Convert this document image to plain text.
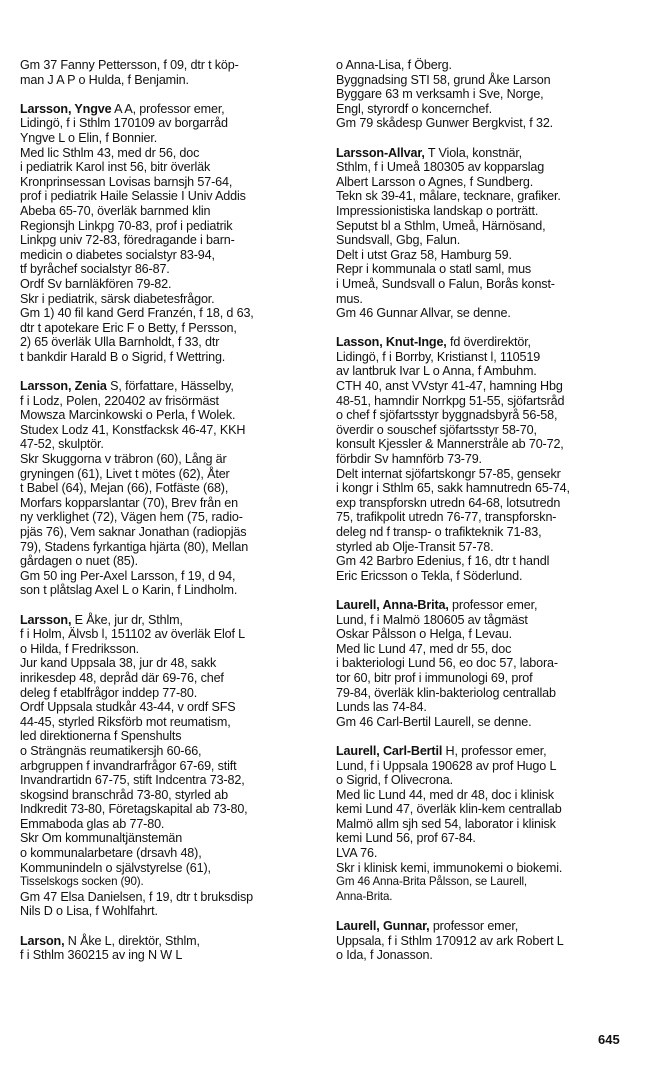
Gm 37 Fanny Pettersson, f 09, dtr t köp-
man J A P o Hulda, f Benjamin.
Larsson, Yngve A A, professor emer,
Lidingö, f i Sthlm 170109 av borgarråd
Yngve L o Elin, f Bonnier.
Med lic Sthlm 43, med dr 56, doc
i pediatrik Karol inst 56, bitr överläk
Kronprinsessan Lovisas barnsjh 57-64,
prof i pediatrik Haile Selassie I Univ Addis
Abeba 65-70, överläk barnmed klin
Regionsjh Linkpg 70-83, prof i pediatrik
Linkpg univ 72-83, föredragande i barn-
medicin o diabetes socialstyr 83-94,
tf byråchef socialstyr 86-87.
Ordf Sv barnläkfören 79-82.
Skr i pediatrik, särsk diabetesfrågor.
Gm 1) 40 fil kand Gerd Franzén, f 18, d 63,
dtr t apotekare Eric F o Betty, f Persson,
2) 65 överläk Ulla Barnholdt, f 33, dtr
t bankdir Harald B o Sigrid, f Wettring.
Larsson, Zenia S, författare, Hässelby,
f i Lodz, Polen, 220402 av frisörmäst
Mowsza Marcinkowski o Perla, f Wolek.
Studex Lodz 41, Konstfacksk 46-47, KKH
47-52, skulptör.
Skr Skuggorna v träbron (60), Lång är
gryningen (61), Livet t mötes (62), Åter
t Babel (64), Mejan (66), Fotfäste (68),
Morfars kopparslantar (70), Brev från en
ny verklighet (72), Vägen hem (75, radio-
pjäs 76), Vem saknar Jonathan (radiopjäs
79), Stadens fyrkantiga hjärta (80), Mellan
gårdagen o nuet (85).
Gm 50 ing Per-Axel Larsson, f 19, d 94,
son t plåtslag Axel L o Karin, f Lindholm.
Larsson, E Åke, jur dr, Sthlm,
f i Holm, Älvsb l, 151102 av överläk Elof L
o Hilda, f Fredriksson.
Jur kand Uppsala 38, jur dr 48, sakk
inrikesdep 48, depråd där 69-76, chef
deleg f etablfrågor inddep 77-80.
Ordf Uppsala studkår 43-44, v ordf SFS
44-45, styrled Riksförb mot reumatism,
led direktionerna f Spenshults
o Strängnäs reumatikersjh 60-66,
arbgruppen f invandrarfrågor 67-69, stift
Invandrartidn 67-75, stift Indcentra 73-82,
skogsind branschråd 73-80, styrled ab
Indkredit 73-80, Företagskapital ab 73-80,
Emmaboda glas ab 77-80.
Skr Om kommunaltjänstemän
o kommunalarbetare (drsavh 48),
Kommunindeln o självstyrelse (61),
Tisselskogs socken (90).
Gm 47 Elsa Danielsen, f 19, dtr t bruksdisp
Nils D o Lisa, f Wohlfahrt.
Larson, N Åke L, direktör, Sthlm,
f i Sthlm 360215 av ing N W L
o Anna-Lisa, f Öberg.
Byggnadsing STI 58, grund Åke Larson
Byggare 63 m verksamh i Sve, Norge,
Engl, styrordf o koncernchef.
Gm 79 skådesp Gunwer Bergkvist, f 32.
Larsson-Allvar, T Viola, konstnär,
Sthlm, f i Umeå 180305 av kopparslag
Albert Larsson o Agnes, f Sundberg.
Tekn sk 39-41, målare, tecknare, grafiker.
Impressionistiska landskap o porträtt.
Seputst bl a Sthlm, Umeå, Härnösand,
Sundsvall, Gbg, Falun.
Delt i utst Graz 58, Hamburg 59.
Repr i kommunala o statl saml, mus
i Umeå, Sundsvall o Falun, Borås konst-
mus.
Gm 46 Gunnar Allvar, se denne.
Lasson, Knut-Inge, fd överdirektör,
Lidingö, f i Borrby, Kristianst l, 110519
av lantbruk Ivar L o Anna, f Ambuhm.
CTH 40, anst VVstyr 41-47, hamning Hbg
48-51, hamndir Norrkpg 51-55, sjöfartsråd
o chef f sjöfartsstyr byggnadsbyrå 56-58,
överdir o souschef sjöfartsstyr 58-70,
konsult Kjessler & Mannerstråle ab 70-72,
förbdir Sv hamnförb 73-79.
Delt internat sjöfartskongr 57-85, gensekr
i kongr i Sthlm 65, sakk hamnutredn 65-74,
exp transpforskn utredn 64-68, lotsutredn
75, trafikpolit utredn 76-77, transpforskn-
deleg nd f transp- o trafikteknik 71-83,
styrled ab Olje-Transit 57-78.
Gm 42 Barbro Edenius, f 16, dtr t handl
Eric Ericsson o Tekla, f Söderlund.
Laurell, Anna-Brita, professor emer,
Lund, f i Malmö 180605 av tågmäst
Oskar Pålsson o Helga, f Levau.
Med lic Lund 47, med dr 55, doc
i bakteriologi Lund 56, eo doc 57, labora-
tor 60, bitr prof i immunologi 69, prof
79-84, överläk klin-bakteriolog centrallab
Lunds las 74-84.
Gm 46 Carl-Bertil Laurell, se denne.
Laurell, Carl-Bertil H, professor emer,
Lund, f i Uppsala 190628 av prof Hugo L
o Sigrid, f Olivecrona.
Med lic Lund 44, med dr 48, doc i klinisk
kemi Lund 47, överläk klin-kem centrallab
Malmö allm sjh sed 54, laborator i klinisk
kemi Lund 56, prof 67-84.
LVA 76.
Skr i klinisk kemi, immunokemi o biokemi.
Gm 46 Anna-Brita Pålsson, se Laurell,
Anna-Brita.
Laurell, Gunnar, professor emer,
Uppsala, f i Sthlm 170912 av ark Robert L
o Ida, f Jonasson.
645
